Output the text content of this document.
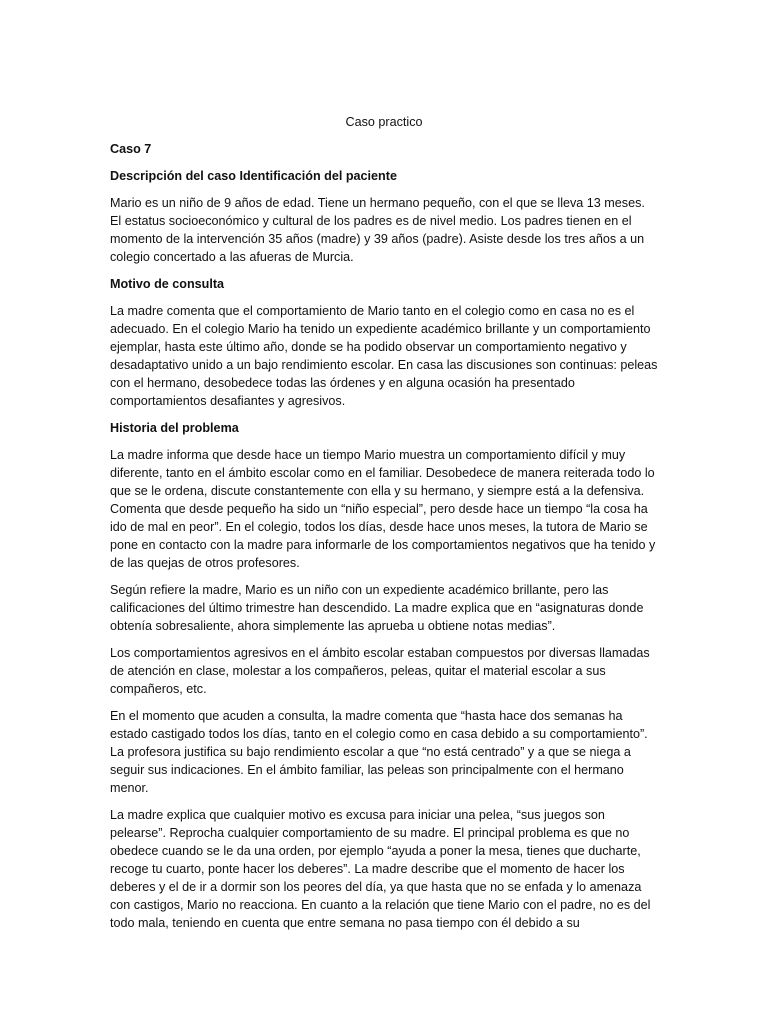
Caso practico
Caso 7
Descripción del caso Identificación del paciente
Mario es un niño de 9 años de edad. Tiene un hermano pequeño, con el que se lleva 13 meses. El estatus socioeconómico y cultural de los padres es de nivel medio. Los padres tienen en el momento de la intervención 35 años (madre) y 39 años (padre). Asiste desde los tres años a un colegio concertado a las afueras de Murcia.
Motivo de consulta
La madre comenta que el comportamiento de Mario tanto en el colegio como en casa no es el adecuado. En el colegio Mario ha tenido un expediente académico brillante y un comportamiento ejemplar, hasta este último año, donde se ha podido observar un comportamiento negativo y desadaptativo unido a un bajo rendimiento escolar. En casa las discusiones son continuas: peleas con el hermano, desobedece todas las órdenes y en alguna ocasión ha presentado comportamientos desafiantes y agresivos.
Historia del problema
La madre informa que desde hace un tiempo Mario muestra un comportamiento difícil y muy diferente, tanto en el ámbito escolar como en el familiar. Desobedece de manera reiterada todo lo que se le ordena, discute constantemente con ella y su hermano, y siempre está a la defensiva. Comenta que desde pequeño ha sido un “niño especial”, pero desde hace un tiempo “la cosa ha ido de mal en peor”. En el colegio, todos los días, desde hace unos meses, la tutora de Mario se pone en contacto con la madre para informarle de los comportamientos negativos que ha tenido y de las quejas de otros profesores.
Según refiere la madre, Mario es un niño con un expediente académico brillante, pero las calificaciones del último trimestre han descendido. La madre explica que en “asignaturas donde obtenía sobresaliente, ahora simplemente las aprueba u obtiene notas medias”.
Los comportamientos agresivos en el ámbito escolar estaban compuestos por diversas llamadas de atención en clase, molestar a los compañeros, peleas, quitar el material escolar a sus compañeros, etc.
En el momento que acuden a consulta, la madre comenta que “hasta hace dos semanas ha estado castigado todos los días, tanto en el colegio como en casa debido a su comportamiento”. La profesora justifica su bajo rendimiento escolar a que “no está centrado” y a que se niega a seguir sus indicaciones. En el ámbito familiar, las peleas son principalmente con el hermano menor.
La madre explica que cualquier motivo es excusa para iniciar una pelea, “sus juegos son pelearse”. Reprocha cualquier comportamiento de su madre. El principal problema es que no obedece cuando se le da una orden, por ejemplo “ayuda a poner la mesa, tienes que ducharte, recoge tu cuarto, ponte hacer los deberes”. La madre describe que el momento de hacer los deberes y el de ir a dormir son los peores del día, ya que hasta que no se enfada y lo amenaza con castigos, Mario no reacciona. En cuanto a la relación que tiene Mario con el padre, no es del todo mala, teniendo en cuenta que entre semana no pasa tiempo con él debido a su
